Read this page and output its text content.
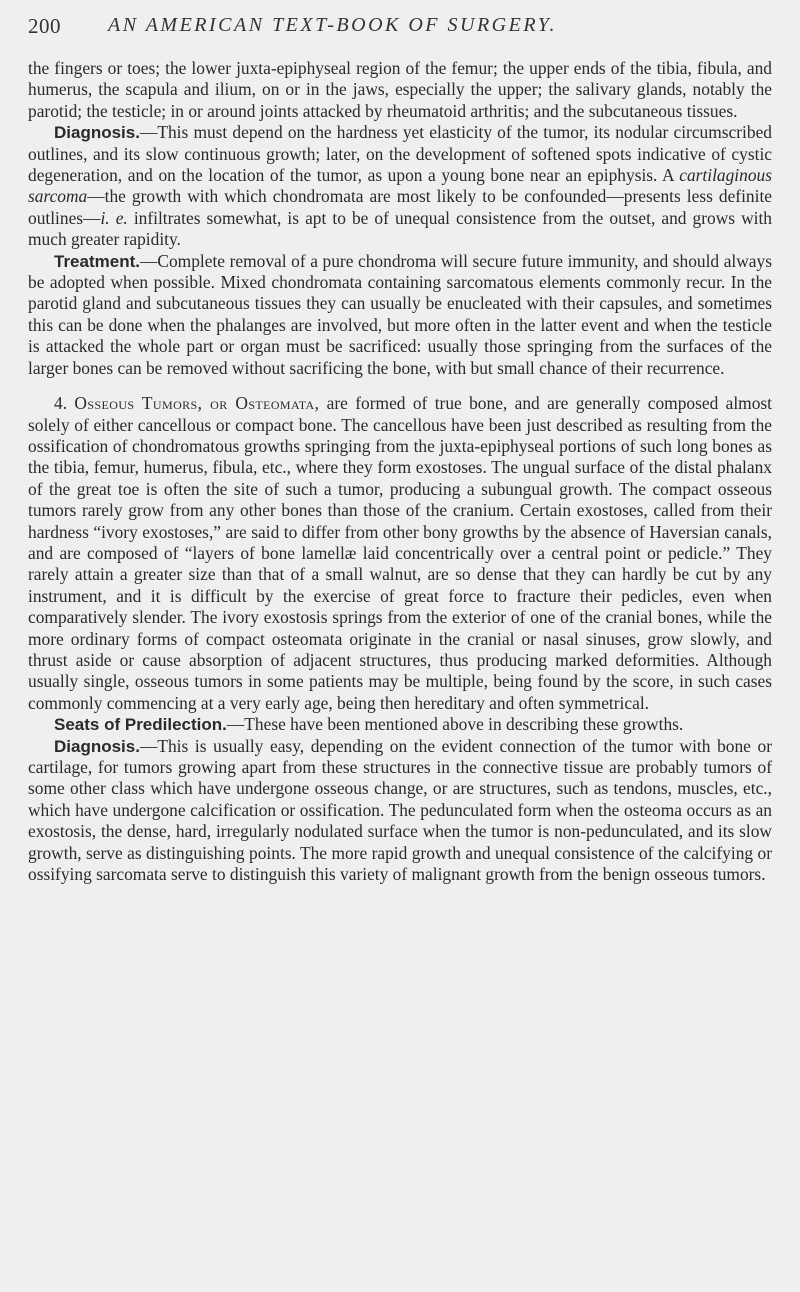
200 AN AMERICAN TEXT-BOOK OF SURGERY.

the fingers or toes; the lower juxta-epiphyseal region of the femur; the upper ends of the tibia, fibula, and humerus, the scapula and ilium, on or in the jaws, especially the upper; the salivary glands, notably the parotid; the testicle; in or around joints attacked by rheumatoid arthritis; and the subcutaneous tissues.

Diagnosis.—This must depend on the hardness yet elasticity of the tumor, its nodular circumscribed outlines, and its slow continuous growth; later, on the development of softened spots indicative of cystic degeneration, and on the location of the tumor, as upon a young bone near an epiphysis. A cartilaginous sarcoma—the growth with which chondromata are most likely to be confounded—presents less definite outlines—i. e. infiltrates somewhat, is apt to be of unequal consistence from the outset, and grows with much greater rapidity.

Treatment.—Complete removal of a pure chondroma will secure future immunity, and should always be adopted when possible. Mixed chondromata containing sarcomatous elements commonly recur. In the parotid gland and subcutaneous tissues they can usually be enucleated with their capsules, and sometimes this can be done when the phalanges are involved, but more often in the latter event and when the testicle is attacked the whole part or organ must be sacrificed: usually those springing from the surfaces of the larger bones can be removed without sacrificing the bone, with but small chance of their recurrence.

4. Osseous Tumors, or Osteomata, are formed of true bone, and are generally composed almost solely of either cancellous or compact bone. The cancellous have been just described as resulting from the ossification of chondromatous growths springing from the juxta-epiphyseal portions of such long bones as the tibia, femur, humerus, fibula, etc., where they form exostoses. The ungual surface of the distal phalanx of the great toe is often the site of such a tumor, producing a subungual growth. The compact osseous tumors rarely grow from any other bones than those of the cranium. Certain exostoses, called from their hardness “ivory exostoses,” are said to differ from other bony growths by the absence of Haversian canals, and are composed of “layers of bone lamellæ laid concentrically over a central point or pedicle.” They rarely attain a greater size than that of a small walnut, are so dense that they can hardly be cut by any instrument, and it is difficult by the exercise of great force to fracture their pedicles, even when comparatively slender. The ivory exostosis springs from the exterior of one of the cranial bones, while the more ordinary forms of compact osteomata originate in the cranial or nasal sinuses, grow slowly, and thrust aside or cause absorption of adjacent structures, thus producing marked deformities. Although usually single, osseous tumors in some patients may be multiple, being found by the score, in such cases commonly commencing at a very early age, being then hereditary and often symmetrical.

Seats of Predilection.—These have been mentioned above in describing these growths.

Diagnosis.—This is usually easy, depending on the evident connection of the tumor with bone or cartilage, for tumors growing apart from these structures in the connective tissue are probably tumors of some other class which have undergone osseous change, or are structures, such as tendons, muscles, etc., which have undergone calcification or ossification. The pedunculated form when the osteoma occurs as an exostosis, the dense, hard, irregularly nodulated surface when the tumor is non-pedunculated, and its slow growth, serve as distinguishing points. The more rapid growth and unequal consistence of the calcifying or ossifying sarcomata serve to distinguish this variety of malignant growth from the benign osseous tumors.
